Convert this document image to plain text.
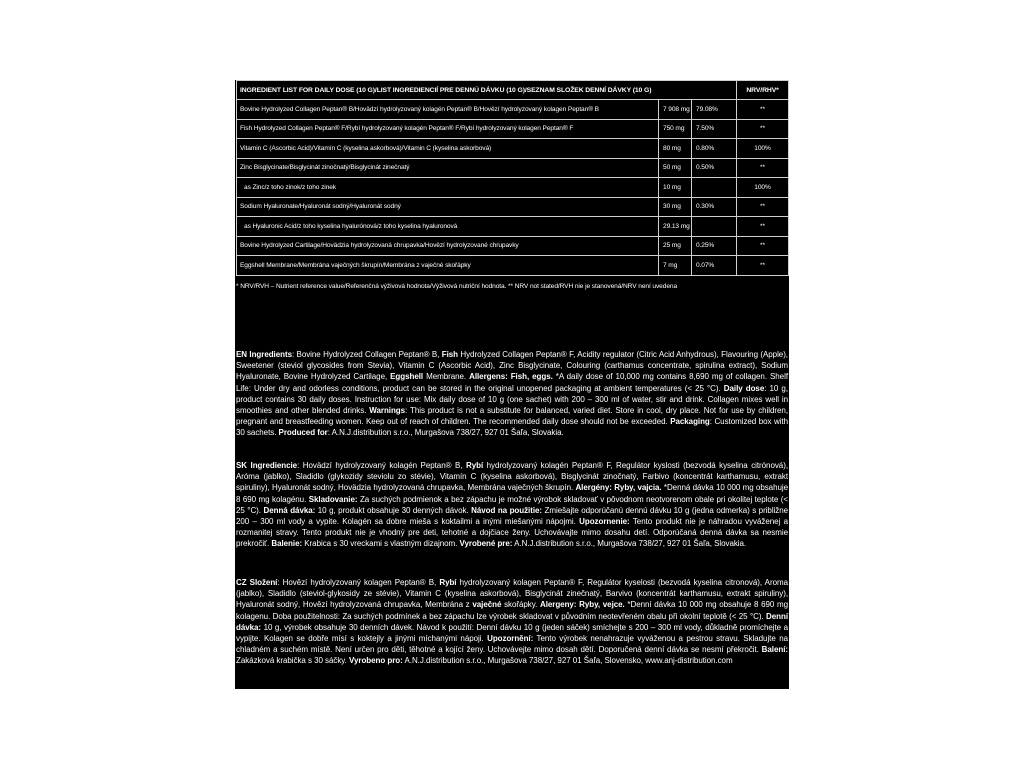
INGREDIENT LIST FOR DAILY DOSE (10 G)/LIST INGREDIENCIÍ PRE DENNÚ DÁVKU (10 G)/SEZNAM SLOŽEK DENNÍ DÁVKY (10 G)			NRV/RHV*
Bovine Hydrolyzed Collagen Peptan® B/Hovädzí hydrolyzovaný kolagén Peptan® B/Hovězí hydrolyzovaný kolagen Peptan® B	7 908 mg	79.08%	**
Fish Hydrolyzed Collagen Peptan® F/Rybí hydrolyzovaný kolagén Peptan® F/Rybí hydrolyzovaný kolagen Peptan® F	750 mg	7.50%	**
Vitamin C (Ascorbic Acid)/Vitamín C (kyselina askorbová)/Vitamin C (kyselina askorbová)	80 mg	0.80%	100%
Zinc Bisglycinate/Bisglycinát zinočnatý/Bisglycinát zinečnatý	50 mg	0.50%	**
as Zinc/z toho zinok/z toho zinek	10 mg		100%
Sodium Hyaluronate/Hyaluronát sodný/Hyaluronát sodný	30 mg	0.30%	**
as Hyaluronic Acid/z toho kyselina hyalurónová/z toho kyselina hyaluronová	29.13 mg		**
Bovine Hydrolyzed Cartilage/Hovädzia hydrolyzovaná chrupavka/Hovězí hydrolyzované chrupavky	25 mg	0.25%	**
Eggshell Membrane/Membrána vaječných škrupín/Membrána z vaječné skořápky	7 mg	0.07%	**
* NRV/RVH – Nutrient reference value/Referenčná výživová hodnota/Výživová nutriční hodnota. ** NRV not stated/RVH nie je stanovená/NRV není uvedena
EN Ingredients: Bovine Hydrolyzed Collagen Peptan® B, Fish Hydrolyzed Collagen Peptan® F, Acidity regulator (Citric Acid Anhydrous), Flavouring (Apple), Sweetener (steviol glycosides from Stevia), Vitamin C (Ascorbic Acid), Zinc Bisglycinate, Colouring (carthamus concentrate, spirulina extract), Sodium Hyaluronate, Bovine Hydrolyzed Cartilage, Eggshell Membrane. Allergens: Fish, eggs. *A daily dose of 10,000 mg contains 8,690 mg of collagen. Shelf Life: Under dry and odorless conditions, product can be stored in the original unopened packaging at ambient temperatures (< 25 °C). Daily dose: 10 g, product contains 30 daily doses. Instruction for use: Mix daily dose of 10 g (one sachet) with 200 – 300 ml of water, stir and drink. Collagen mixes well in smoothies and other blended drinks. Warnings: This product is not a substitute for balanced, varied diet. Store in cool, dry place. Not for use by children, pregnant and breastfeeding women. Keep out of reach of children. The recommended daily dose should not be exceeded. Packaging: Customized box with 30 sachets. Produced for: A.N.J.distribution s.r.o., Murgašova 738/27, 927 01 Šaľa, Slovakia.
SK Ingrediencie: Hovädzí hydrolyzovaný kolagén Peptan® B, Rybí hydrolyzovaný kolagén Peptan® F, Regulátor kyslosti (bezvodá kyselina citrónová), Aróma (jablko), Sladidlo (glykozidy steviolu zo stévie), Vitamín C (kyselina askorbová), Bisglycinát zinočnatý, Farbivo (koncentrát karthamusu, extrakt spiruliny), Hyaluronát sodný, Hovädzia hydrolyzovaná chrupavka, Membrána vaječných škrupín. Alergény: Ryby, vajcia. *Denná dávka 10 000 mg obsahuje 8 690 mg kolagénu. Skladovanie: Za suchých podmienok a bez zápachu je možné výrobok skladovať v pôvodnom neotvorenom obale pri okolitej teplote (< 25 °C). Denná dávka: 10 g, produkt obsahuje 30 denných dávok. Návod na použitie: Zmiešajte odporúčanú dennú dávku 10 g (jedna odmerka) s približne 200 – 300 ml vody a vypite. Kolagén sa dobre mieša s koktailmi a inými miešanými nápojmi. Upozornenie: Tento produkt nie je náhradou vyváženej a rozmanitej stravy. Tento produkt nie je vhodný pre deti, tehotné a dojčiace ženy. Uchovávajte mimo dosahu detí. Odporúčaná denná dávka sa nesmie prekročiť. Balenie: Krabica s 30 vreckami s vlastným dizajnom. Vyrobené pre: A.N.J.distribution s.r.o., Murgašova 738/27, 927 01 Šaľa, Slovakia.
CZ Složení: Hovězí hydrolyzovaný kolagen Peptan® B, Rybí hydrolyzovaný kolagen Peptan® F, Regulátor kyselosti (bezvodá kyselina citronová), Aroma (jablko), Sladidlo (steviol-glykosidy ze stévie), Vitamin C (kyselina askorbová), Bisglycinát zinečnatý, Barvivo (koncentrát karthamusu, extrakt spiruliny), Hyaluronát sodný, Hovězí hydrolyzovaná chrupavka, Membrána z vaječné skořápky. Alergeny: Ryby, vejce. *Denní dávka 10 000 mg obsahuje 8 690 mg kolagenu. Doba použitelnosti: Za suchých podmínek a bez zápachu lze výrobek skladovat v původním neotevřeném obalu při okolní teplotě (< 25 °C). Denní dávka: 10 g, výrobek obsahuje 30 denních dávek. Návod k použití: Denní dávku 10 g (jeden sáček) smíchejte s 200 – 300 ml vody, důkladně promíchejte a vypijte. Kolagen se dobře mísí s koktejly a jinými míchanými nápoji. Upozornění: Tento výrobek nenahrazuje vyváženou a pestrou stravu. Skladujte na chladném a suchém místě. Není určen pro děti, těhotné a kojící ženy. Uchovávejte mimo dosah dětí. Doporučená denní dávka se nesmí překročit. Balení: Zakázková krabička s 30 sáčky. Vyrobeno pro: A.N.J.distribution s.r.o., Murgašova 738/27, 927 01 Šaľa, Slovensko, www.anj-distribution.com
